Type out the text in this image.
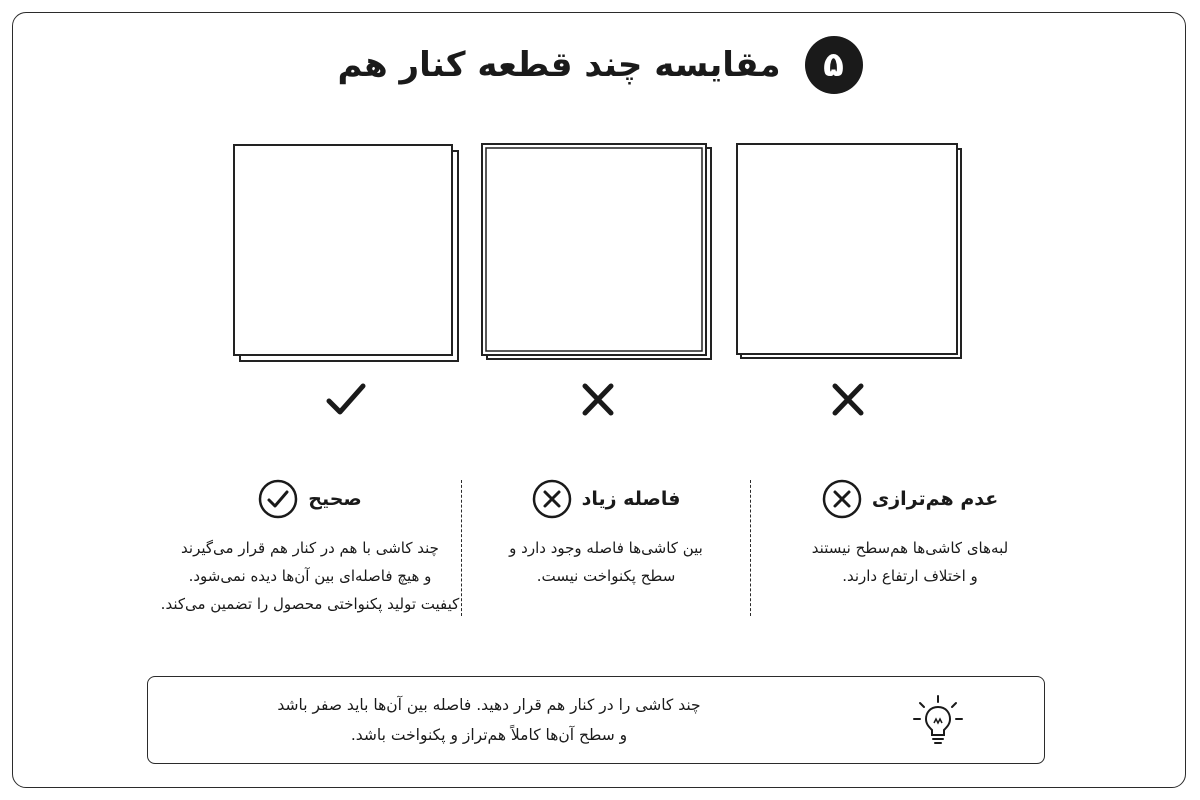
مقایسه چند قطعه کنار هم	۵
صحیح
چند کاشی با هم در کنار هم قرار می‌گیرند
و هیچ فاصله‌ای بین آن‌ها دیده نمی‌شود.
کیفیت تولید پکنواختی محصول را تضمین می‌کند.
فاصله زیاد
بین کاشی‌ها فاصله وجود دارد و
سطح پکنواخت نیست.
عدم هم‌ترازی
لبه‌های کاشی‌ها هم‌سطح نیستند
و اختلاف ارتفاع دارند.
چند کاشی را در کنار هم قرار دهید. فاصله بین آن‌ها باید صفر باشد
و سطح آن‌ها کاملاً هم‌تراز و پکنواخت باشد.
